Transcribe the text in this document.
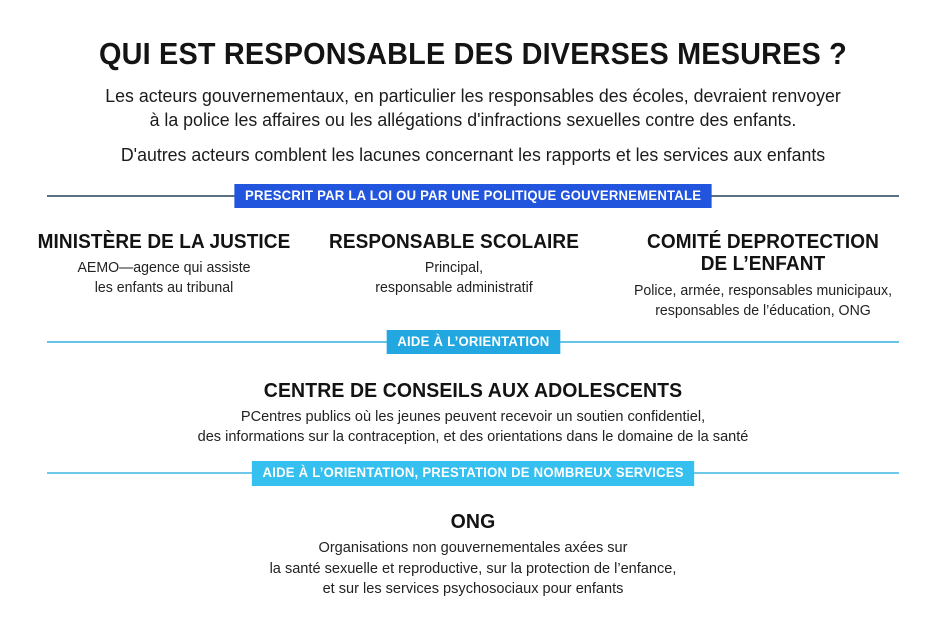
QUI EST RESPONSABLE DES DIVERSES MESURES ?
Les acteurs gouvernementaux, en particulier les responsables des écoles, devraient renvoyer
à la police les affaires ou les allégations d'infractions sexuelles contre des enfants.
D'autres acteurs comblent les lacunes concernant les rapports et les services aux enfants
PRESCRIT PAR LA LOI OU PAR UNE POLITIQUE GOUVERNEMENTALE
MINISTÈRE DE LA JUSTICE
AEMO—agence qui assiste
les enfants au tribunal
RESPONSABLE SCOLAIRE
Principal,
responsable administratif
COMITÉ DEPROTECTION
DE L’ENFANT
Police, armée, responsables municipaux,
responsables de l’éducation, ONG
AIDE À L’ORIENTATION
CENTRE DE CONSEILS AUX ADOLESCENTS
PCentres publics où les jeunes peuvent recevoir un soutien confidentiel,
des informations sur la contraception, et des orientations dans le domaine de la santé
AIDE À L’ORIENTATION, PRESTATION DE NOMBREUX SERVICES
ONG
Organisations non gouvernementales axées sur
la santé sexuelle et reproductive, sur la protection de l’enfance,
et sur les services psychosociaux pour enfants
